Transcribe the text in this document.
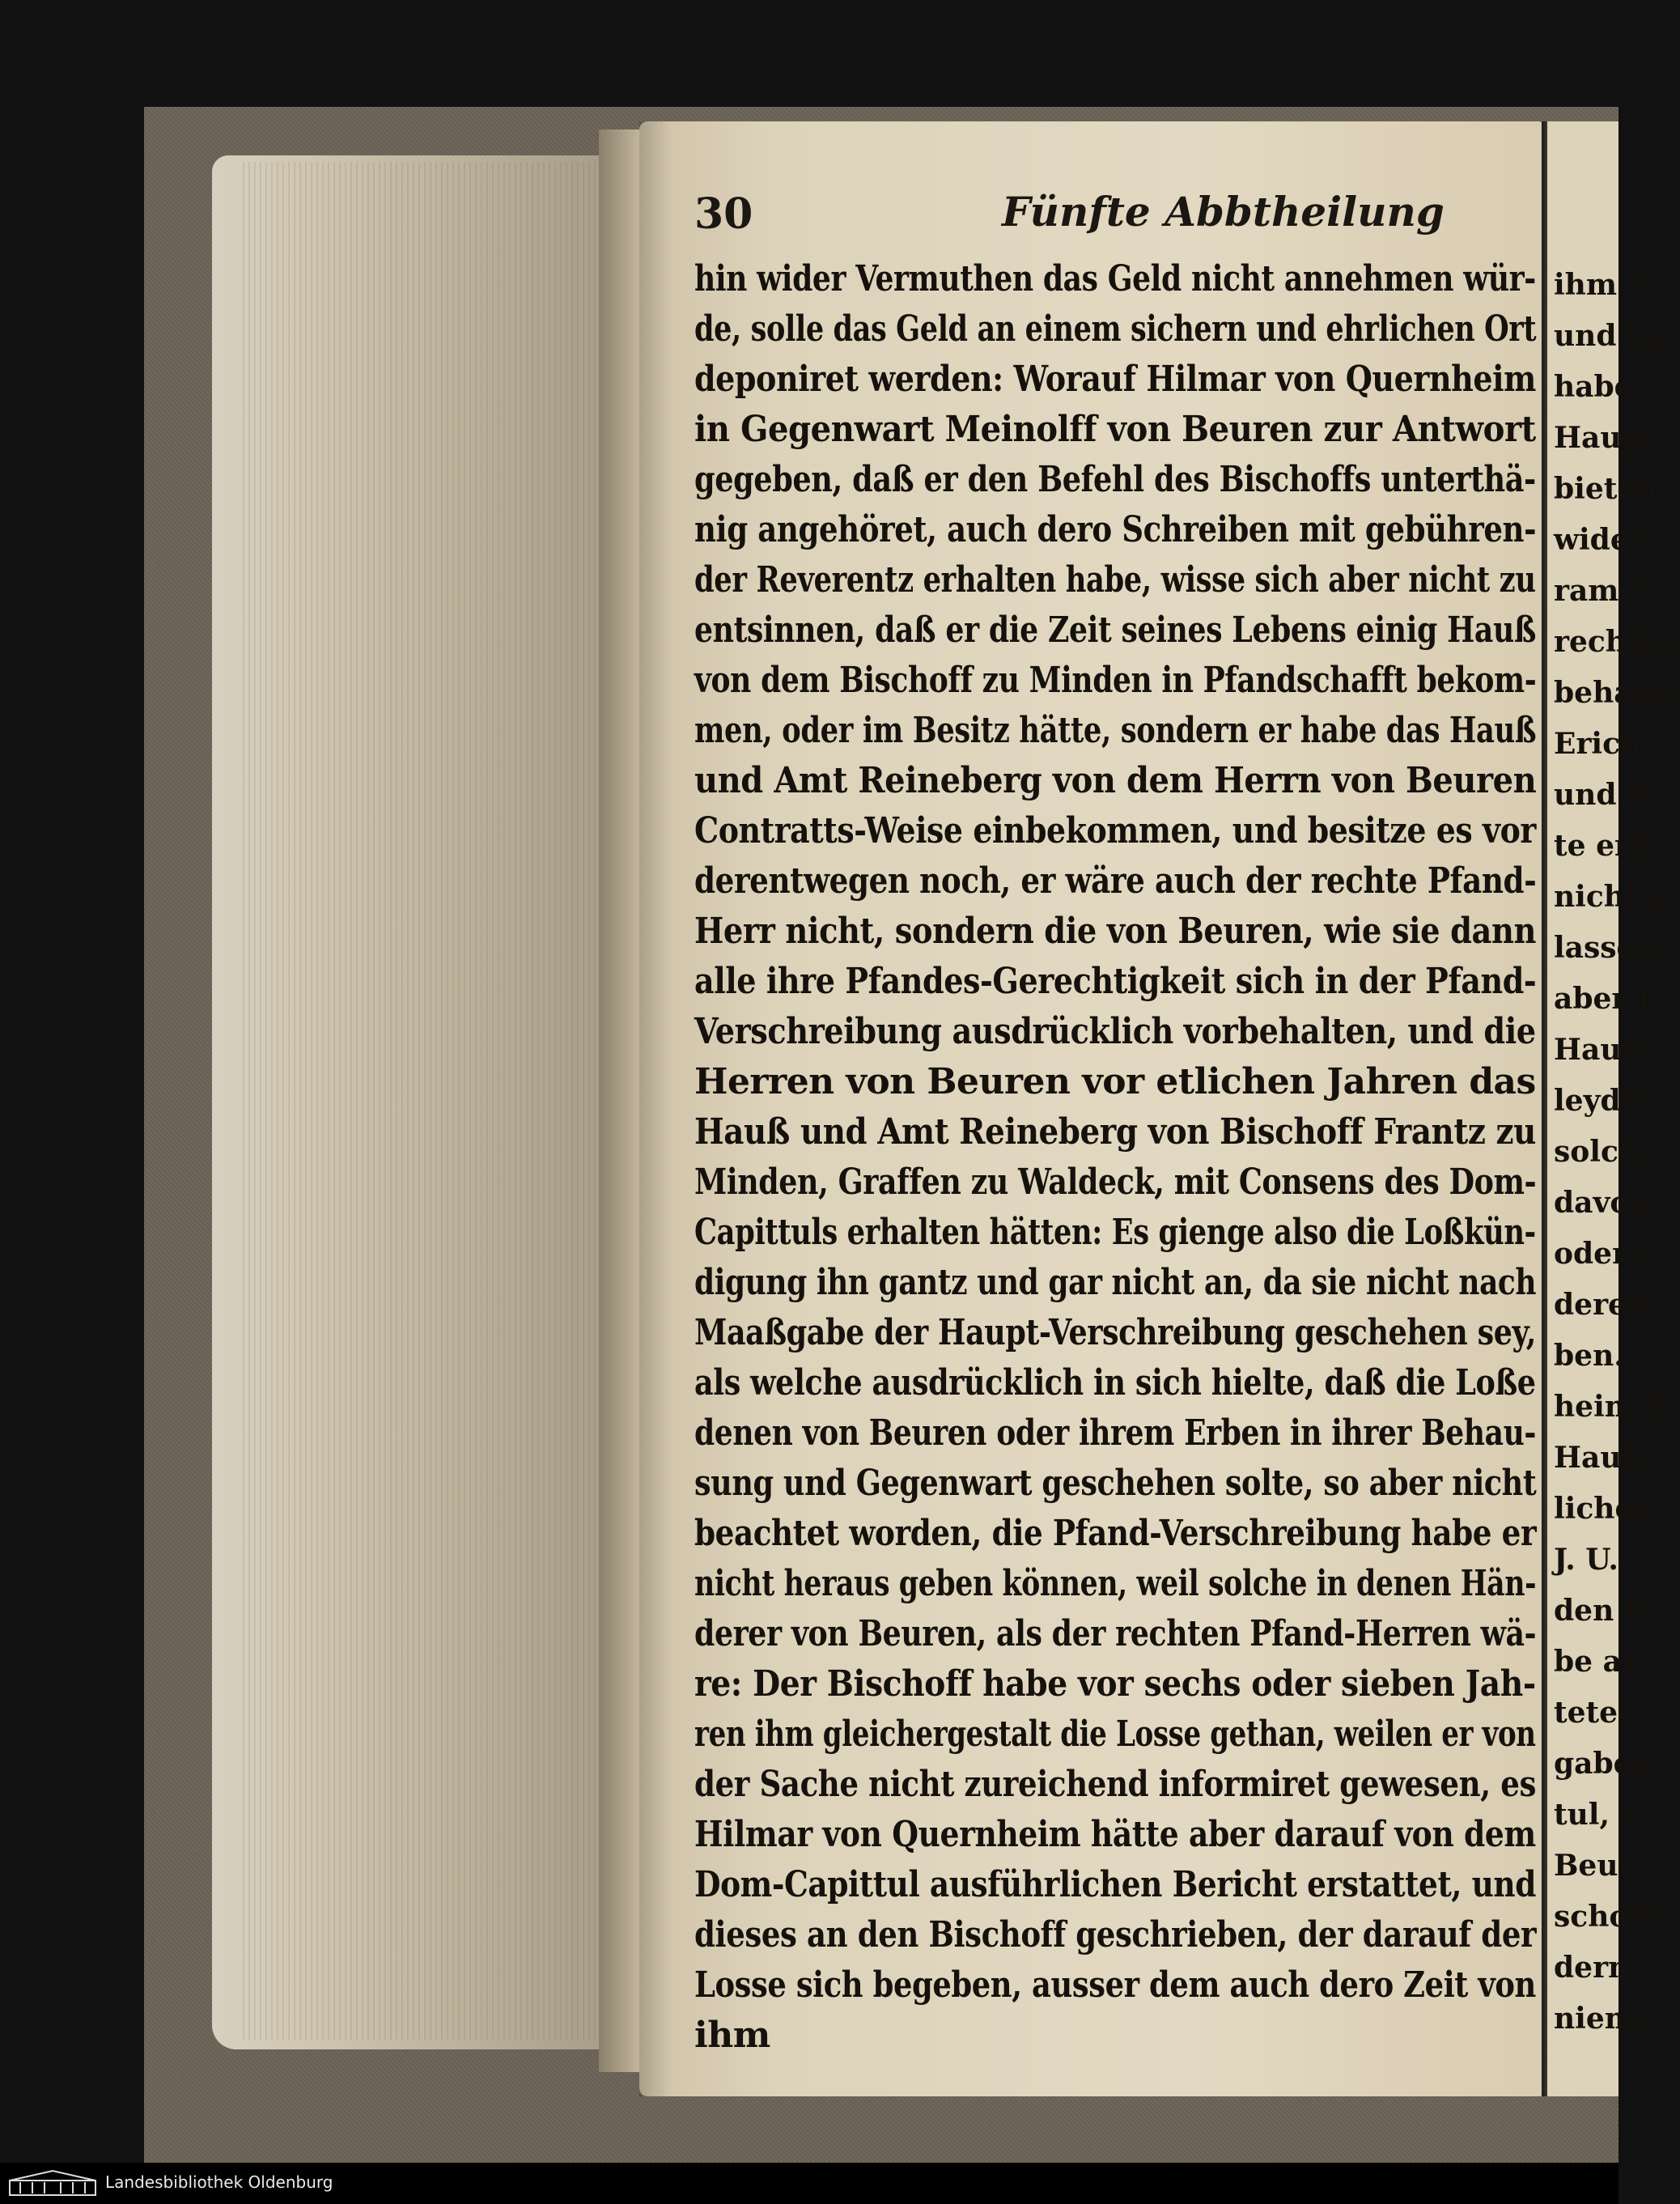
30	Fünfte Abbtheilung
hin wider Vermuthen das Geld nicht annehmen wür-
de, solle das Geld an einem sichern und ehrlichen Ort
deponiret werden: Worauf Hilmar von Quernheim
in Gegenwart Meinolff von Beuren zur Antwort
gegeben, daß er den Befehl des Bischoffs unterthä-
nig angehöret, auch dero Schreiben mit gebühren-
der Reverentz erhalten habe, wisse sich aber nicht zu
entsinnen, daß er die Zeit seines Lebens einig Hauß
von dem Bischoff zu Minden in Pfandschafft bekom-
men, oder im Besitz hätte, sondern er habe das Hauß
und Amt Reineberg von dem Herrn von Beuren
Contratts-Weise einbekommen, und besitze es vor
derentwegen noch, er wäre auch der rechte Pfand-
Herr nicht, sondern die von Beuren, wie sie dann
alle ihre Pfandes-Gerechtigkeit sich in der Pfand-
Verschreibung ausdrücklich vorbehalten, und die
Herren von Beuren vor etlichen Jahren das
Hauß und Amt Reineberg von Bischoff Frantz zu
Minden, Graffen zu Waldeck, mit Consens des Dom-
Capittuls erhalten hätten: Es gienge also die Loßkün-
digung ihn gantz und gar nicht an, da sie nicht nach
Maaßgabe der Haupt-Verschreibung geschehen sey,
als welche ausdrücklich in sich hielte, daß die Loße
denen von Beuren oder ihrem Erben in ihrer Behau-
sung und Gegenwart geschehen solte, so aber nicht
beachtet worden, die Pfand-Verschreibung habe er
nicht heraus geben können, weil solche in denen Hän-
derer von Beuren, als der rechten Pfand-Herren wä-
re: Der Bischoff habe vor sechs oder sieben Jah-
ren ihm gleichergestalt die Losse gethan, weilen er von
der Sache nicht zureichend informiret gewesen, es
Hilmar von Quernheim hätte aber darauf von dem
Dom-Capittul ausführlichen Bericht erstattet, und
dieses an den Bischoff geschrieben, der darauf der
Losse sich begeben, ausser dem auch dero Zeit von
ihm
ihm 1c
und ha
habe:
Haupt
bieten
wider
ram N
rechtlic
behalte
Erich
und H
te erbc
nicht a
lassen,
aber E
Hauß
leyden
solchee
davon
oder e
deren
ben.
heim b
Hauß
lichen
J. U.
den S
be an
teten
gaben
tul, c
Beut
schoffe
dern f
niemc
Landesbibliothek Oldenburg
